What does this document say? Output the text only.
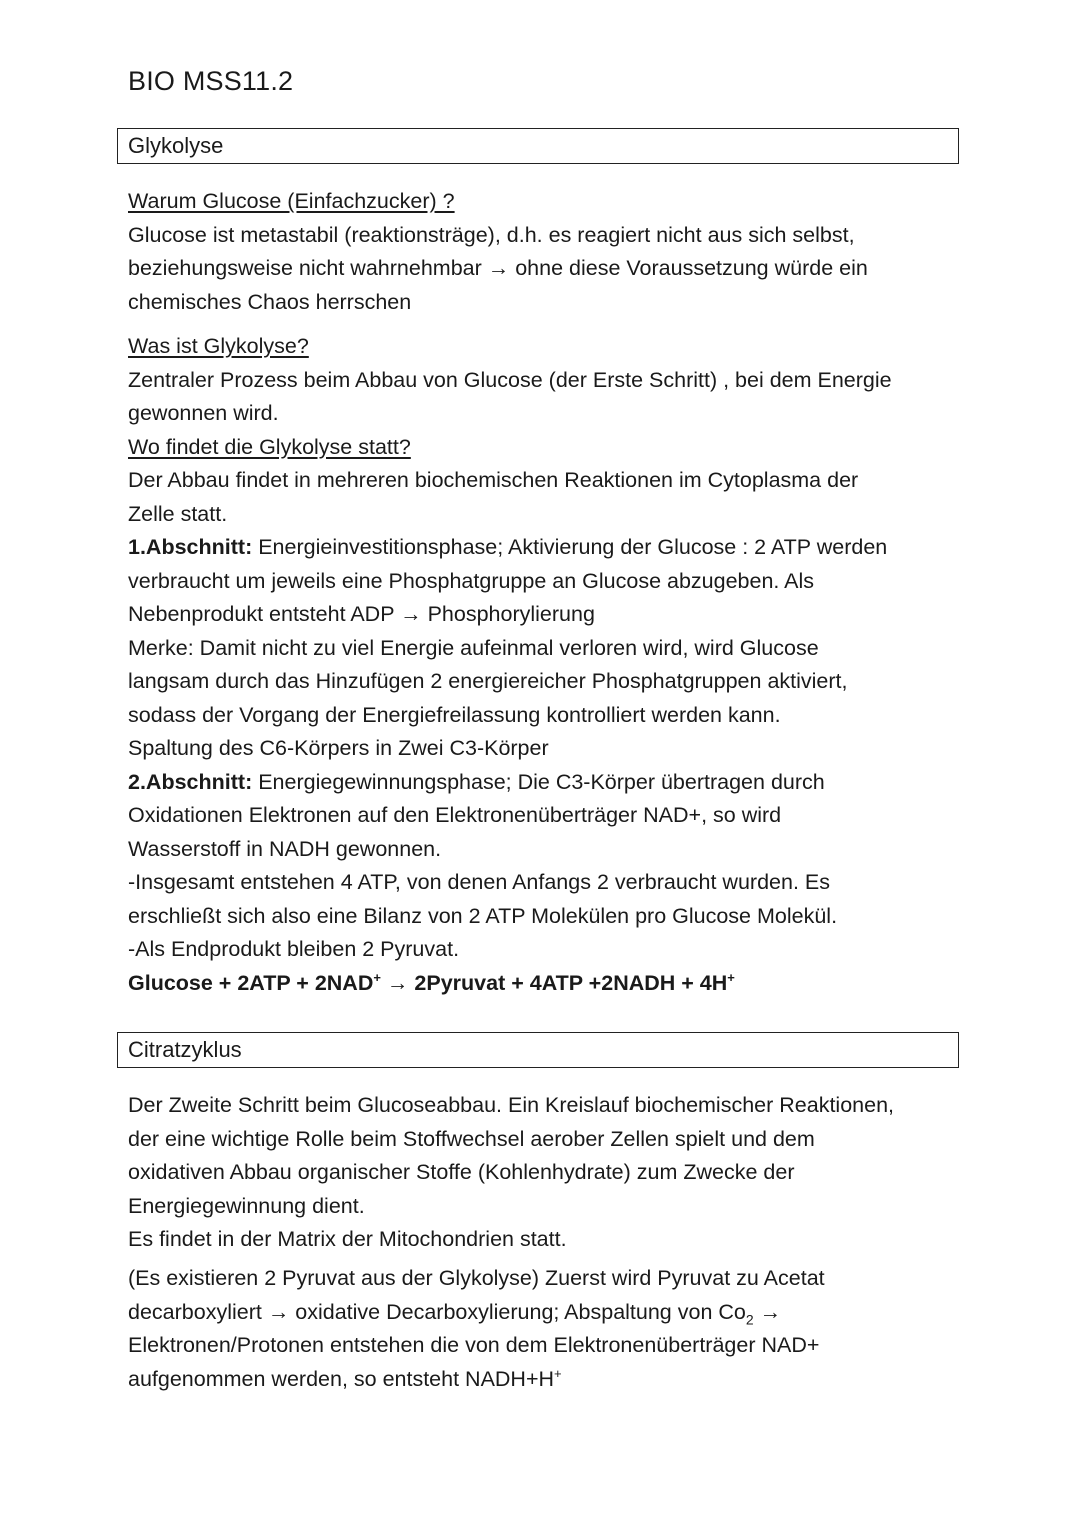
BIO MSS11.2
Glykolyse

Warum Glucose (Einfachzucker) ?

Glucose ist metastabil (reaktionsträge), d.h. es reagiert nicht aus sich selbst,

beziehungsweise nicht wahrnehmbar → ohne diese Voraussetzung würde ein

chemisches Chaos herrschen

Was ist Glykolyse?

Zentraler Prozess beim Abbau von Glucose (der Erste Schritt) , bei dem Energie

gewonnen wird.

Wo findet die Glykolyse statt?

Der Abbau findet in mehreren biochemischen Reaktionen im Cytoplasma der

Zelle statt.

1.Abschnitt: Energieinvestitionsphase; Aktivierung der Glucose : 2 ATP werden

verbraucht um jeweils eine Phosphatgruppe an Glucose abzugeben. Als

Nebenprodukt entsteht ADP → Phosphorylierung

Merke: Damit nicht zu viel Energie aufeinmal verloren wird, wird Glucose

langsam durch das Hinzufügen 2 energiereicher Phosphatgruppen aktiviert,

sodass der Vorgang der Energiefreilassung kontrolliert werden kann.

Spaltung des C6-Körpers in Zwei C3-Körper

2.Abschnitt: Energiegewinnungsphase; Die C3-Körper übertragen durch

Oxidationen Elektronen auf den Elektronenüberträger NAD+, so wird

Wasserstoff in NADH gewonnen.

-Insgesamt entstehen 4 ATP, von denen Anfangs 2 verbraucht wurden. Es

erschließt sich also eine Bilanz von 2 ATP Molekülen pro Glucose Molekül.

-Als Endprodukt bleiben 2 Pyruvat.

Glucose + 2ATP + 2NAD+ → 2Pyruvat + 4ATP +2NADH + 4H+

Citratzyklus

Der Zweite Schritt beim Glucoseabbau. Ein Kreislauf biochemischer Reaktionen,

der eine wichtige Rolle beim Stoffwechsel aerober Zellen spielt und dem

oxidativen Abbau organischer Stoffe (Kohlenhydrate) zum Zwecke der

Energiegewinnung dient.

Es findet in der Matrix der Mitochondrien statt.

(Es existieren 2 Pyruvat aus der Glykolyse) Zuerst wird Pyruvat zu Acetat

decarboxyliert → oxidative Decarboxylierung; Abspaltung von $Co_2$ →

Elektronen/Protonen entstehen die von dem Elektronenüberträger NAD+

aufgenommen werden, so entsteht NADH+H+
